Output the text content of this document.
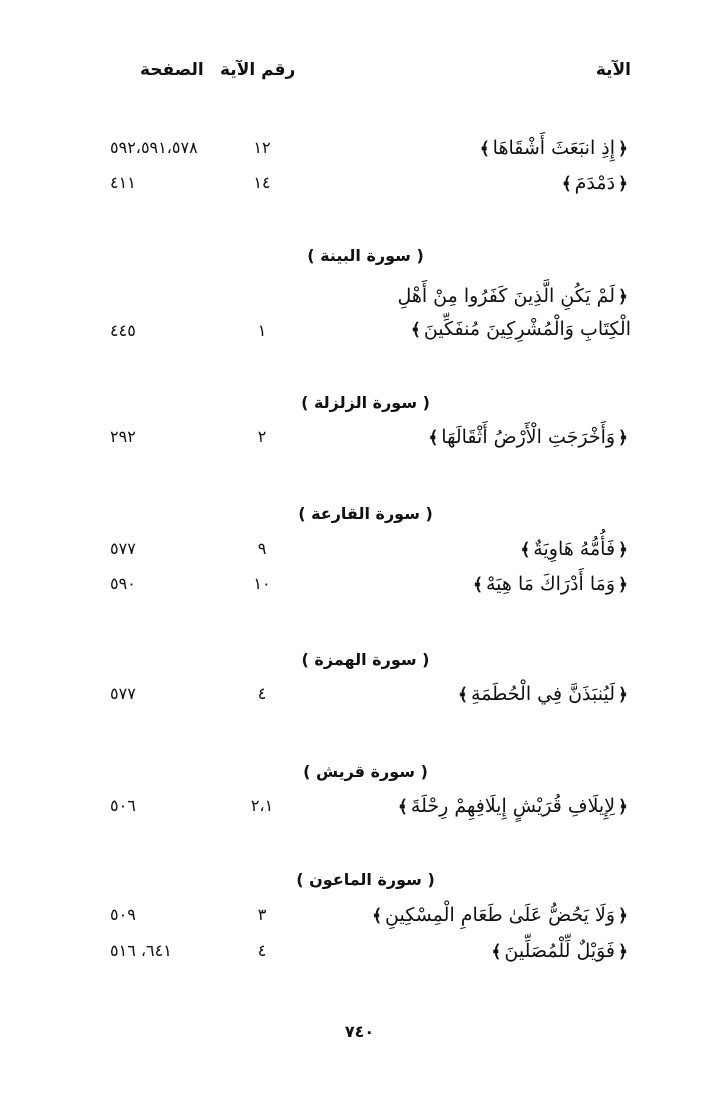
الآية
رقم الآية
الصفحة
﴿إِذِ انبَعَثَ أَشْقَاهَا﴾
١٢
٥٩٢،٥٩١،٥٧٨
﴿دَمْدَمَ﴾
١٤
٤١١
( سورة البينة )
﴿لَمْ يَكُنِ الَّذِينَ كَفَرُوا مِنْ أَهْلِ
الْكِتَابِ وَالْمُشْرِكِينَ مُنفَكِّينَ﴾
١
٤٤٥
( سورة الزلزلة )
﴿وَأَخْرَجَتِ الْأَرْضُ أَثْقَالَهَا﴾
٢
٢٩٢
( سورة القارعة )
﴿فَأُمُّهُ هَاوِيَةٌ﴾
٩
٥٧٧
﴿وَمَا أَدْرَاكَ مَا هِيَهْ﴾
١٠
٥٩٠
( سورة الهمزة )
﴿لَيُنبَذَنَّ فِي الْحُطَمَةِ﴾
٤
٥٧٧
( سورة قريش )
﴿لِإِيلَافِ قُرَيْشٍ إِيلَافِهِمْ رِحْلَةَ﴾
٢،١
٥٠٦
( سورة الماعون )
﴿وَلَا يَحُضُّ عَلَىٰ طَعَامِ الْمِسْكِينِ﴾
٣
٥٠٩
﴿فَوَيْلٌ لِّلْمُصَلِّينَ﴾
٤
٦٤١، ٥١٦
٧٤٠
